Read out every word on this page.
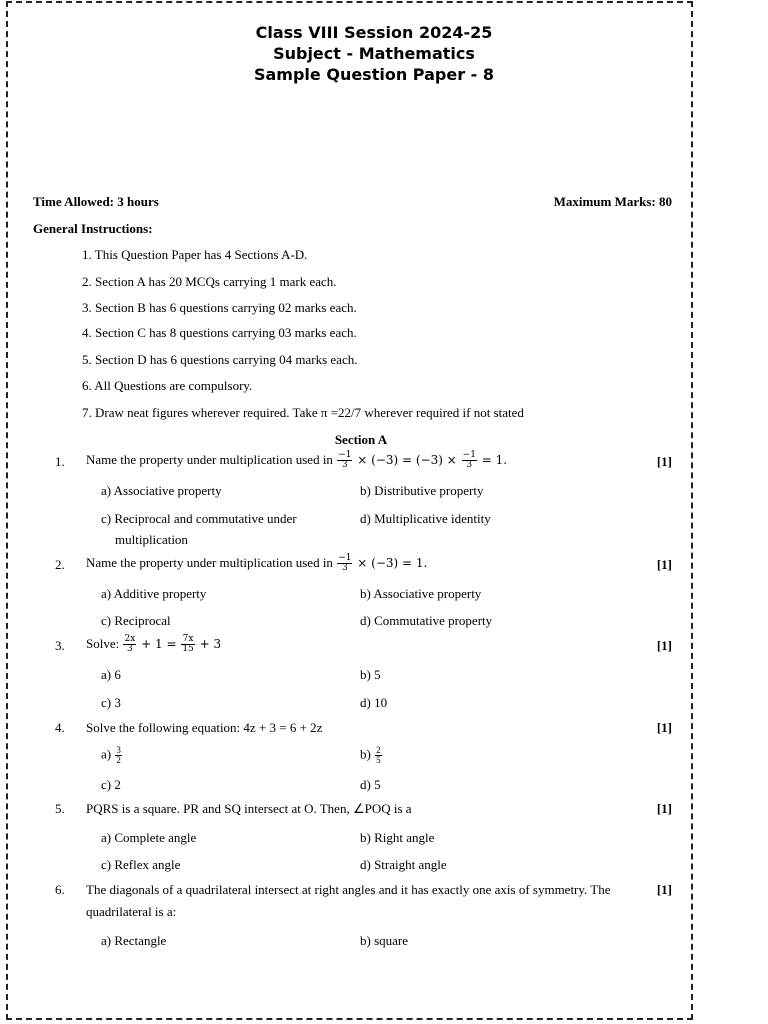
Class VIII Session 2024-25
Subject - Mathematics
Sample Question Paper - 8
Time Allowed: 3 hours	Maximum Marks: 80
General Instructions:
1. This Question Paper has 4 Sections A-D.
2. Section A has 20 MCQs carrying 1 mark each.
3. Section B has 6 questions carrying 02 marks each.
4. Section C has 8 questions carrying 03 marks each.
5. Section D has 6 questions carrying 04 marks each.
6. All Questions are compulsory.
7. Draw neat figures wherever required. Take π =22/7 wherever required if not stated
Section A
1. Name the property under multiplication used in $\frac{-1}{3} \times (-3) = (-3) \times \frac{-1}{3} = 1$.	[1]
a) Associative property	b) Distributive property
c) Reciprocal and commutative under
multiplication
d) Multiplicative identity
2. Name the property under multiplication used in $\frac{-1}{3} \times (-3) = 1$.	[1]
a) Additive property	b) Associative property
c) Reciprocal	d) Commutative property
3. Solve: $\frac{2x}{3} + 1 = \frac{7x}{15} + 3$	[1]
a) 6	b) 5
c) 3	d) 10
4. Solve the following equation: 4z + 3 = 6 + 2z	[1]
$a) \frac{3}{2}$	$b) \frac{2}{5}$
c) 2	d) 5
5. PQRS is a square. PR and SQ intersect at O. Then, ∠POQ is a	[1]
a) Complete angle	b) Right angle
c) Reflex angle	d) Straight angle
6. The diagonals of a quadrilateral intersect at right angles and it has exactly one axis of symmetry. The
quadrilateral is a:
[1]
a) Rectangle	b) square
